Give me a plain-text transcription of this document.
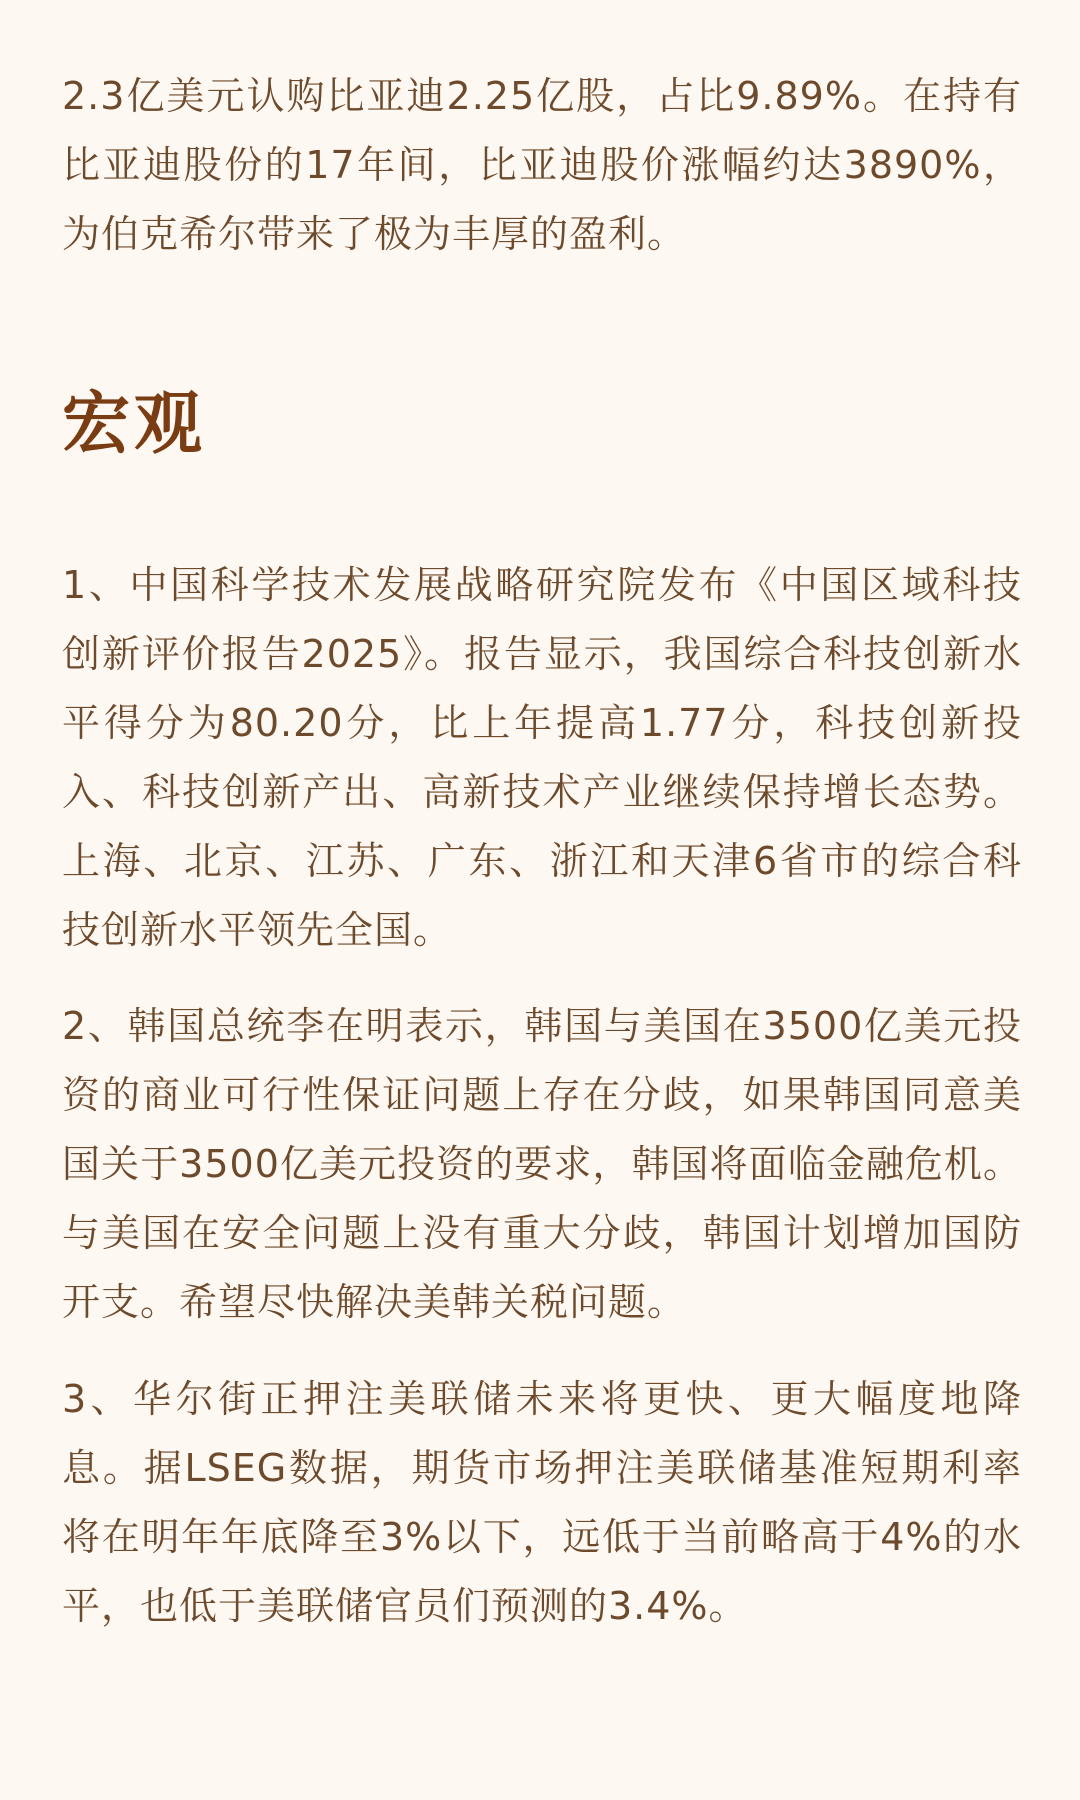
2.3亿美元认购比亚迪2.25亿股，占比9.89%。在持有比亚迪股份的17年间，比亚迪股价涨幅约达3890%，为伯克希尔带来了极为丰厚的盈利。

宏观

1、中国科学技术发展战略研究院发布《中国区域科技创新评价报告2025》。报告显示，我国综合科技创新水平得分为80.20分，比上年提高1.77分，科技创新投入、科技创新产出、高新技术产业继续保持增长态势。上海、北京、江苏、广东、浙江和天津6省市的综合科技创新水平领先全国。

2、韩国总统李在明表示，韩国与美国在3500亿美元投资的商业可行性保证问题上存在分歧，如果韩国同意美国关于3500亿美元投资的要求，韩国将面临金融危机。与美国在安全问题上没有重大分歧，韩国计划增加国防开支。希望尽快解决美韩关税问题。

3、华尔街正押注美联储未来将更快、更大幅度地降息。据LSEG数据，期货市场押注美联储基准短期利率将在明年年底降至3%以下，远低于当前略高于4%的水平，也低于美联储官员们预测的3.4%。
